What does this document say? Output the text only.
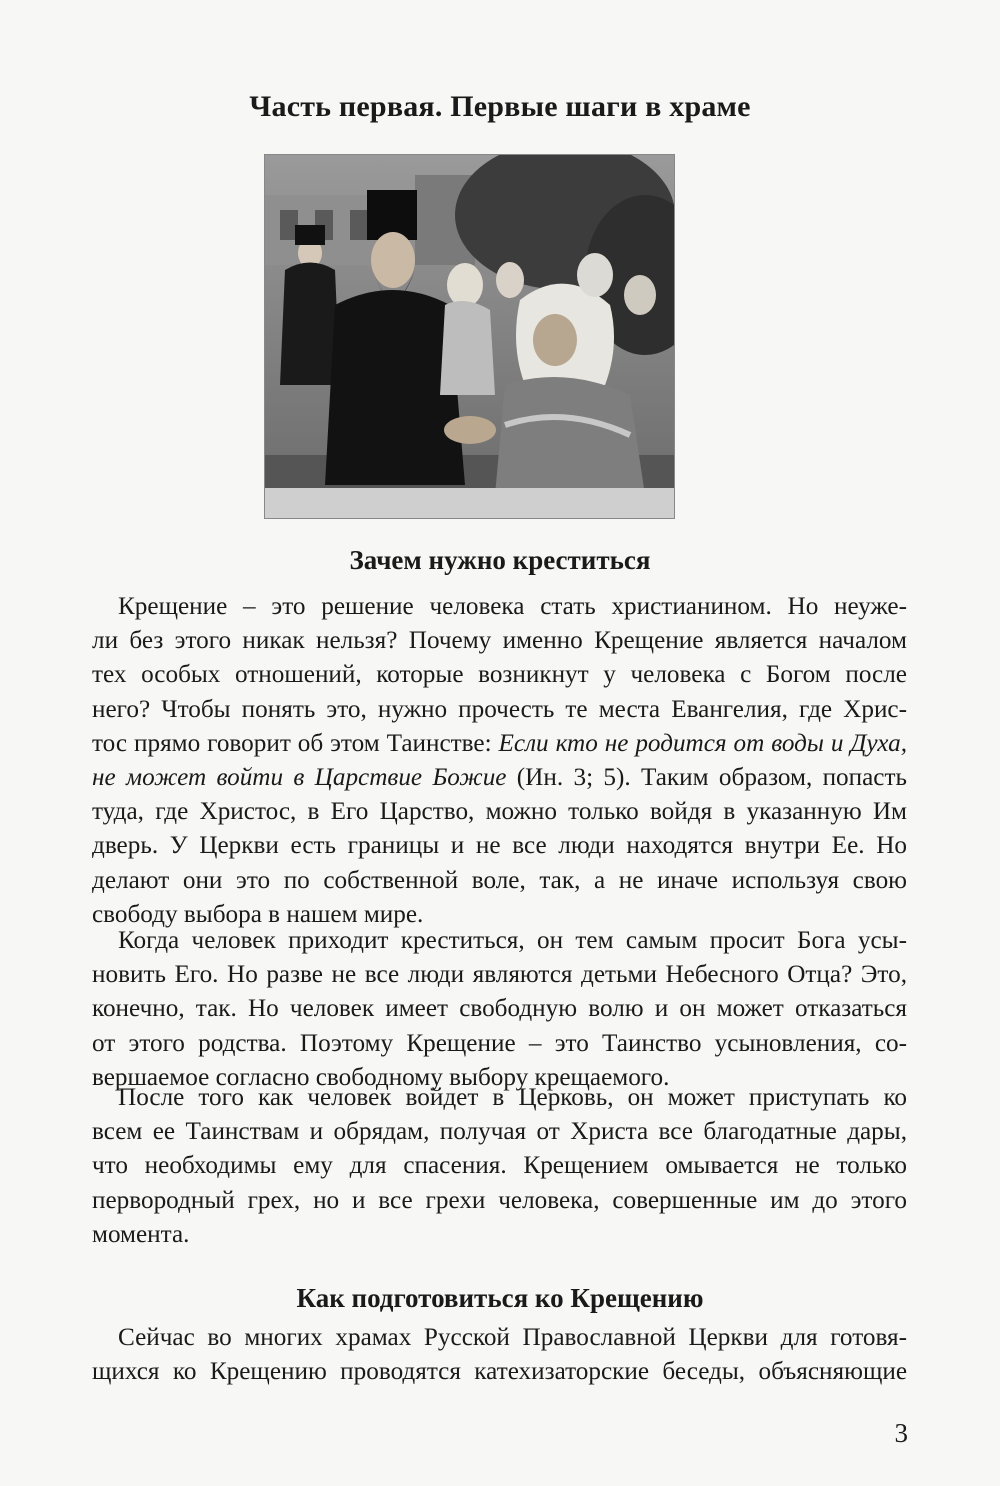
Часть первая. Первые шаги в храме
Зачем нужно креститься
Крещение – это решение человека стать христианином. Но неуже-
ли без этого никак нельзя? Почему именно Крещение является началом
тех особых отношений, которые возникнут у человека с Богом после
него? Чтобы понять это, нужно прочесть те места Евангелия, где Хрис-
тос прямо говорит об этом Таинстве: Если кто не родится от воды и Духа,
не может войти в Царствие Божие (Ин. 3; 5). Таким образом, попасть
туда, где Христос, в Его Царство, можно только войдя в указанную Им
дверь. У Церкви есть границы и не все люди находятся внутри Ее. Но
делают они это по собственной воле, так, а не иначе используя свою
свободу выбора в нашем мире.
Когда человек приходит креститься, он тем самым просит Бога усы-
новить Его. Но разве не все люди являются детьми Небесного Отца? Это,
конечно, так. Но человек имеет свободную волю и он может отказаться
от этого родства. Поэтому Крещение – это Таинство усыновления, со-
вершаемое согласно свободному выбору крещаемого.
После того как человек войдет в Церковь, он может приступать ко
всем ее Таинствам и обрядам, получая от Христа все благодатные дары,
что необходимы ему для спасения. Крещением омывается не только
первородный грех, но и все грехи человека, совершенные им до этого
момента.
Как подготовиться ко Крещению
Сейчас во многих храмах Русской Православной Церкви для готовя-
щихся ко Крещению проводятся катехизаторские беседы, объясняющие
3
